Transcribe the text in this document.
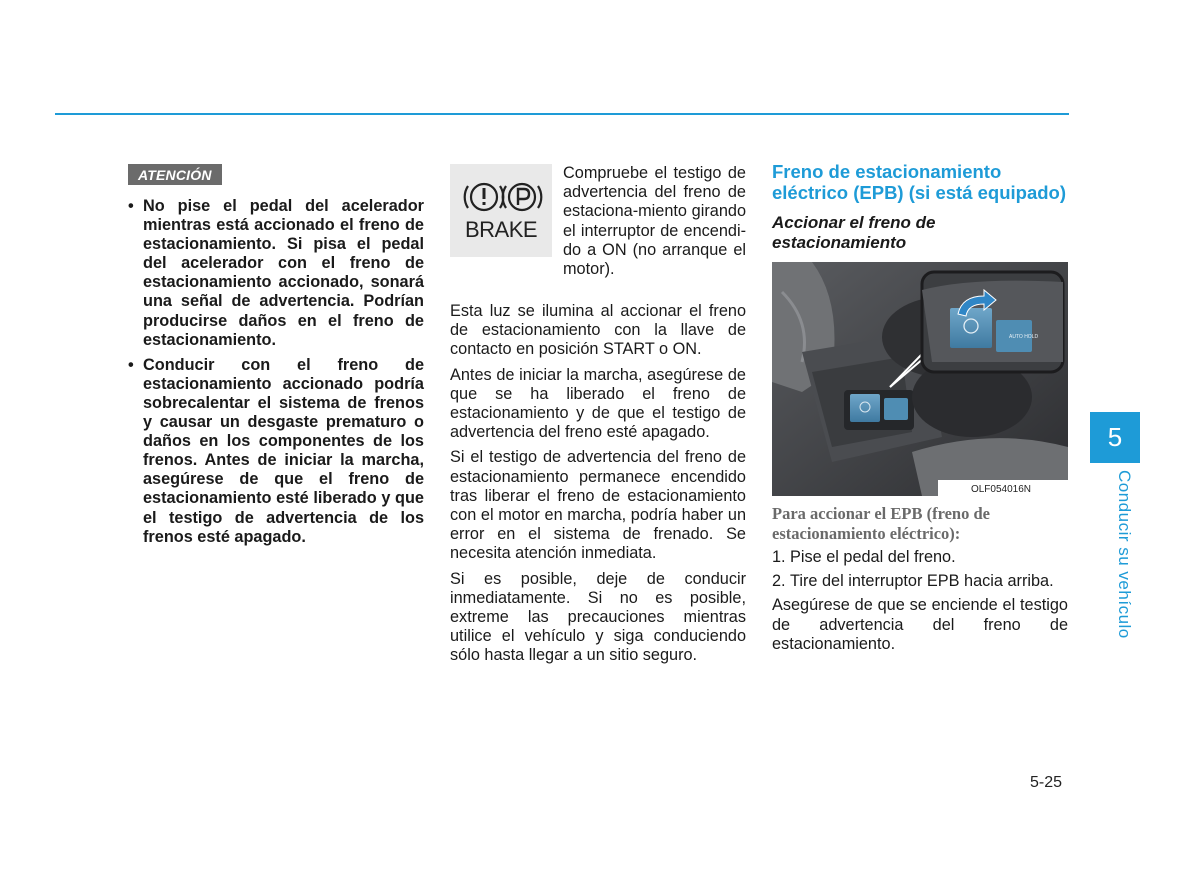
ATENCIÓN
• No pise el pedal del acelerador mientras está accionado el freno de estacionamiento. Si pisa el pedal del acelerador con el freno de estacionamiento accionado, sonará una señal de advertencia. Podrían producirse daños en el freno de estacionamiento.
• Conducir con el freno de estacionamiento accionado podría sobrecalentar el sistema de frenos y causar un desgaste prematuro o daños en los componentes de los frenos. Antes de iniciar la marcha, asegúrese de que el freno de estacionamiento esté liberado y que el testigo de advertencia de los frenos esté apagado.
BRAKE
Compruebe el testigo de advertencia del freno de estaciona-miento girando el interruptor de encendi-do a ON (no arranque el motor).

Esta luz se ilumina al accionar el freno de estacionamiento con la llave de contacto en posición START o ON.

Antes de iniciar la marcha, asegúrese de que se ha liberado el freno de estacionamiento y de que el testigo de advertencia del freno esté apagado.

Si el testigo de advertencia del freno de estacionamiento permanece encendido tras liberar el freno de estacionamiento con el motor en marcha, podría haber un error en el sistema de frenado. Se necesita atención inmediata.

Si es posible, deje de conducir inmediatamente. Si no es posible, extreme las precauciones mientras utilice el vehículo y siga conduciendo sólo hasta llegar a un sitio seguro.

Freno de estacionamiento eléctrico (EPB) (si está equipado)
Accionar el freno de estacionamiento
OLF054016N
AUTO HOLD
Para accionar el EPB (freno de estacionamiento eléctrico):
1. Pise el pedal del freno.
2. Tire del interruptor EPB hacia arriba.

Asegúrese de que se enciende el testigo de advertencia del freno de estacionamiento.

5
Conducir su vehículo
5-25
